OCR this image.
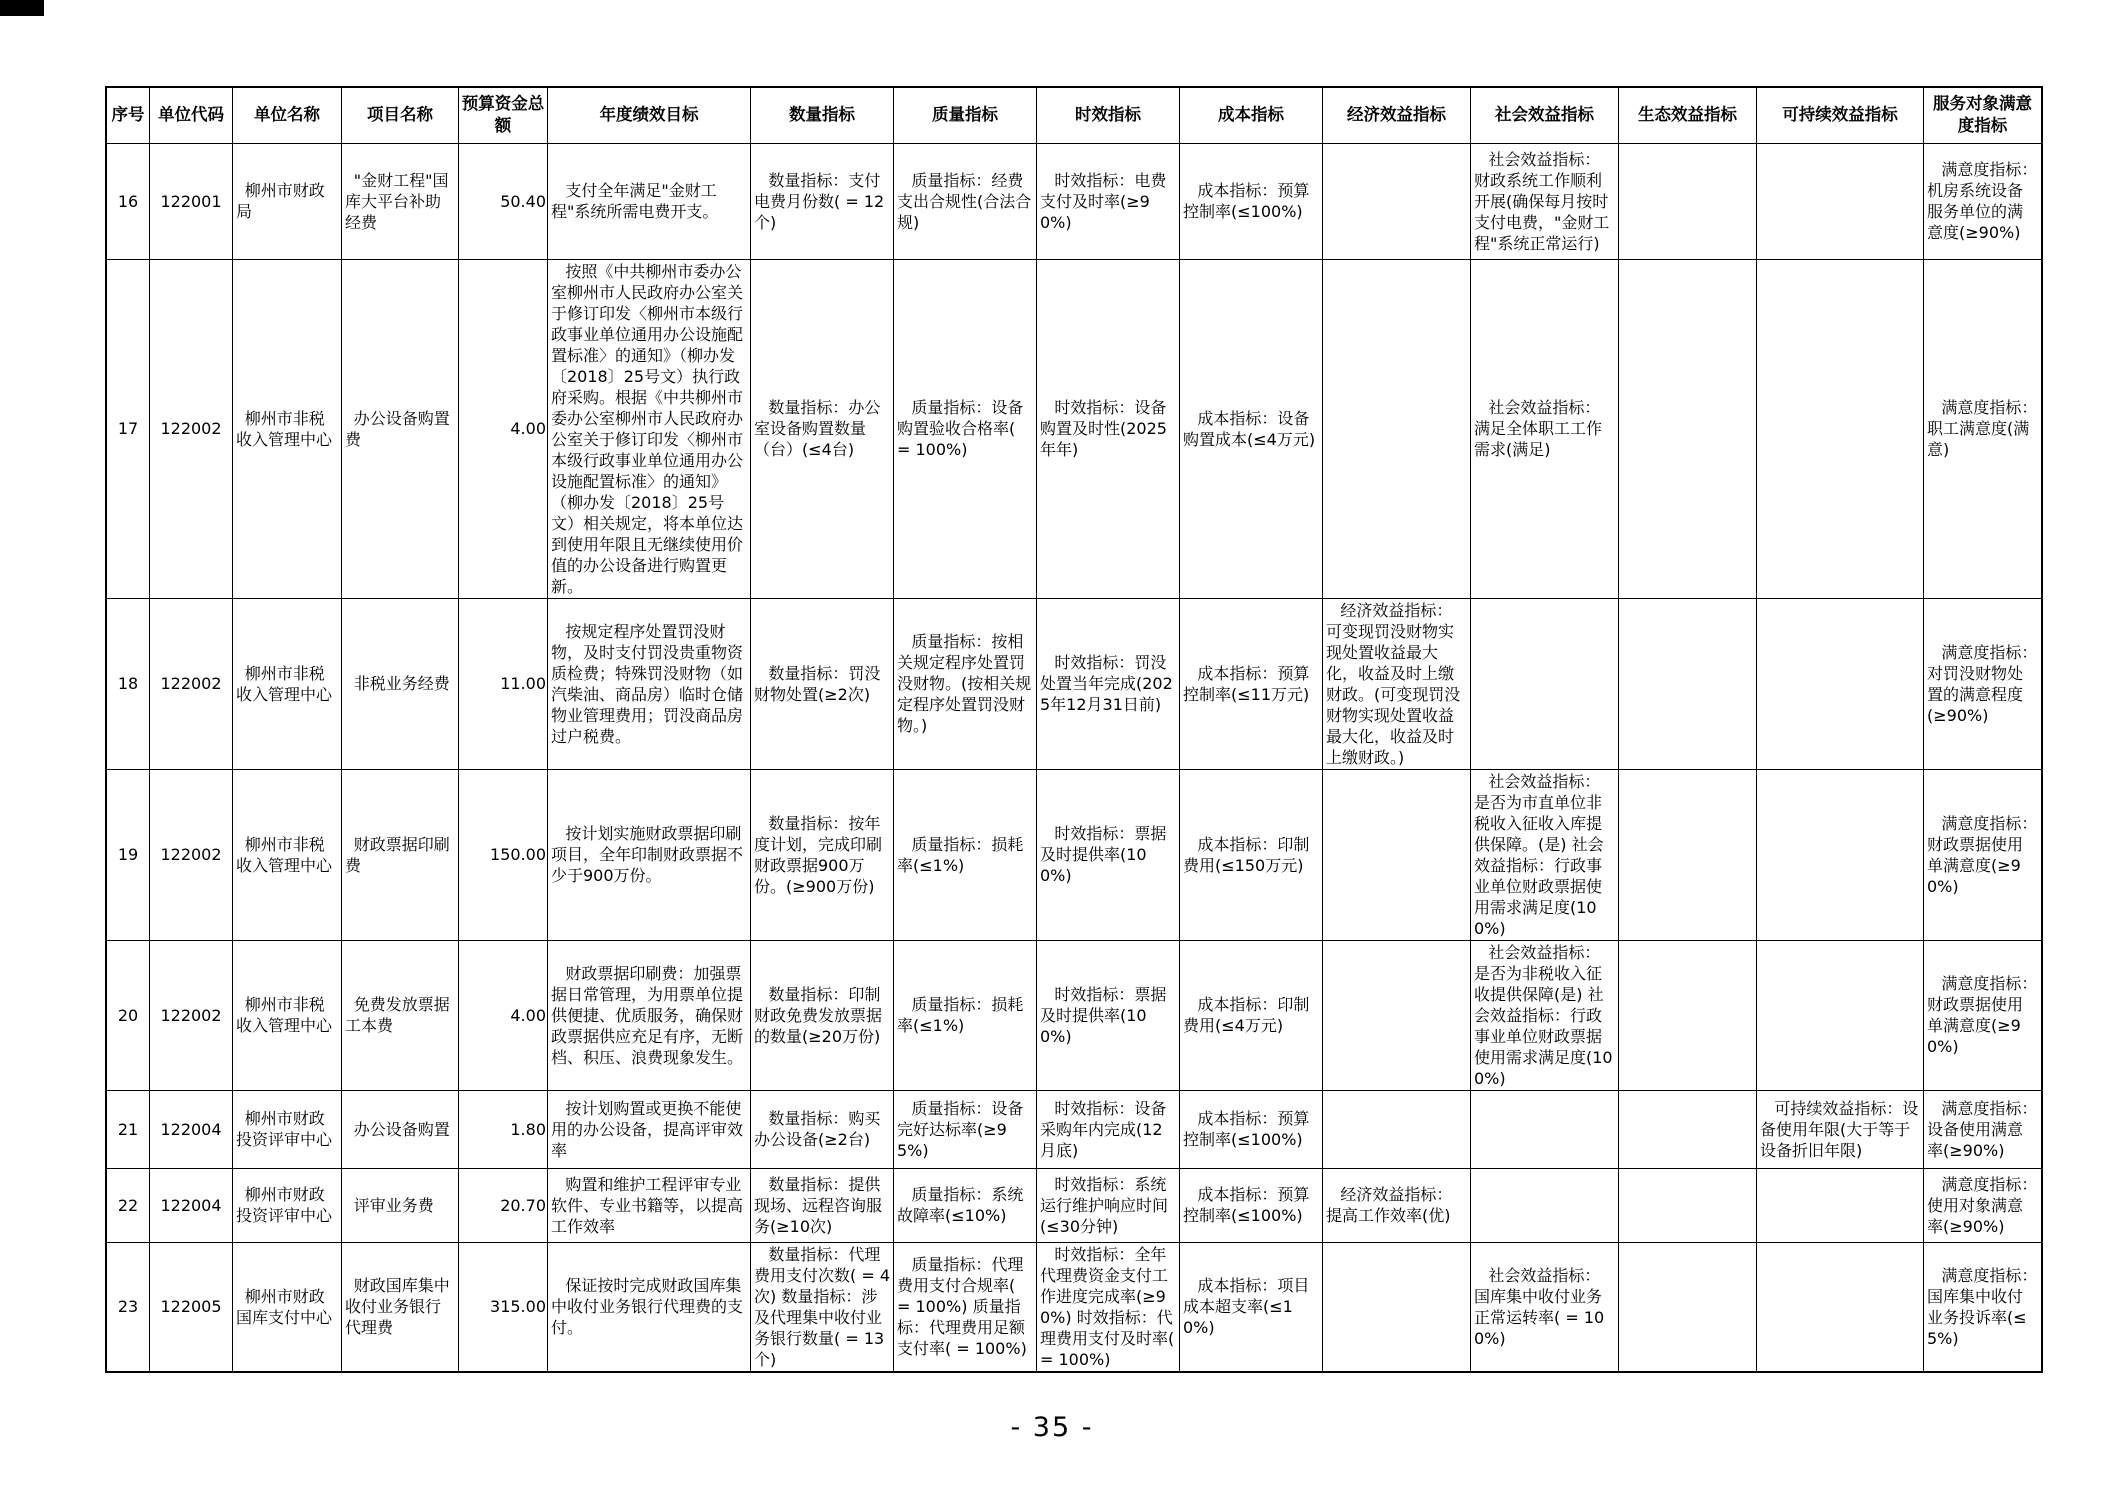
序号	单位代码	单位名称	项目名称	预算资金总额	年度绩效目标	数量指标	质量指标	时效指标	成本指标	经济效益指标	社会效益指标	生态效益指标	可持续效益指标	服务对象满意度指标
16	122001	柳州市财政局	"金财工程"国库大平台补助经费	50.40	支付全年满足"金财工程"系统所需电费开支。	数量指标：支付电费月份数( = 12个)	质量指标：经费支出合规性(合法合规)	时效指标：电费支付及时率(≥90%)	成本指标：预算控制率(≤100%)		社会效益指标：财政系统工作顺利开展(确保每月按时支付电费，"金财工程"系统正常运行)			满意度指标：机房系统设备服务单位的满意度(≥90%)
17	122002	柳州市非税收入管理中心	办公设备购置费	4.00	按照《中共柳州市委办公室柳州市人民政府办公室关于修订印发〈柳州市本级行政事业单位通用办公设施配置标准〉的通知》（柳办发〔2018〕25号文）执行政府采购。根据《中共柳州市委办公室柳州市人民政府办公室关于修订印发〈柳州市本级行政事业单位通用办公设施配置标准〉的通知》（柳办发〔2018〕25号文）相关规定，将本单位达到使用年限且无继续使用价值的办公设备进行购置更新。	数量指标：办公室设备购置数量（台）(≤4台)	质量指标：设备购置验收合格率( = 100%)	时效指标：设备购置及时性(2025年年)	成本指标：设备购置成本(≤4万元)		社会效益指标：满足全体职工工作需求(满足)			满意度指标：职工满意度(满意)
18	122002	柳州市非税收入管理中心	非税业务经费	11.00	按规定程序处置罚没财物，及时支付罚没贵重物资质检费；特殊罚没财物（如汽柴油、商品房）临时仓储物业管理费用；罚没商品房过户税费。	数量指标：罚没财物处置(≥2次)	质量指标：按相关规定程序处置罚没财物。(按相关规定程序处置罚没财物。)	时效指标：罚没处置当年完成(2025年12月31日前)	成本指标：预算控制率(≤11万元)	经济效益指标：可变现罚没财物实现处置收益最大化，收益及时上缴财政。(可变现罚没财物实现处置收益最大化，收益及时上缴财政。)				满意度指标：对罚没财物处置的满意程度(≥90%)
19	122002	柳州市非税收入管理中心	财政票据印刷费	150.00	按计划实施财政票据印刷项目，全年印制财政票据不少于900万份。	数量指标：按年度计划，完成印刷财政票据900万份。(≥900万份)	质量指标：损耗率(≤1%)	时效指标：票据及时提供率(100%)	成本指标：印制费用(≤150万元)		社会效益指标：是否为市直单位非税收入征收入库提供保障。(是) 社会效益指标：行政事业单位财政票据使用需求满足度(100%)			满意度指标：财政票据使用单满意度(≥90%)
20	122002	柳州市非税收入管理中心	免费发放票据工本费	4.00	财政票据印刷费：加强票据日常管理，为用票单位提供便捷、优质服务，确保财政票据供应充足有序，无断档、积压、浪费现象发生。	数量指标：印制财政免费发放票据的数量(≥20万份)	质量指标：损耗率(≤1%)	时效指标：票据及时提供率(100%)	成本指标：印制费用(≤4万元)		社会效益指标：是否为非税收入征收提供保障(是) 社会效益指标：行政事业单位财政票据使用需求满足度(100%)			满意度指标：财政票据使用单满意度(≥90%)
21	122004	柳州市财政投资评审中心	办公设备购置	1.80	按计划购置或更换不能使用的办公设备，提高评审效率	数量指标：购买办公设备(≥2台)	质量指标：设备完好达标率(≥95%)	时效指标：设备采购年内完成(12月底)	成本指标：预算控制率(≤100%)				可持续效益指标：设备使用年限(大于等于设备折旧年限)	满意度指标：设备使用满意率(≥90%)
22	122004	柳州市财政投资评审中心	评审业务费	20.70	购置和维护工程评审专业软件、专业书籍等，以提高工作效率	数量指标：提供现场、远程咨询服务(≥10次)	质量指标：系统故障率(≤10%)	时效指标：系统运行维护响应时间(≤30分钟)	成本指标：预算控制率(≤100%)	经济效益指标：提高工作效率(优)				满意度指标：使用对象满意率(≥90%)
23	122005	柳州市财政国库支付中心	财政国库集中收付业务银行代理费	315.00	保证按时完成财政国库集中收付业务银行代理费的支付。	数量指标：代理费用支付次数( = 4次) 数量指标：涉及代理集中收付业务银行数量( = 13个)	质量指标：代理费用支付合规率( = 100%) 质量指标：代理费用足额支付率( = 100%)	时效指标：全年代理费资金支付工作进度完成率(≥90%) 时效指标：代理费用支付及时率( = 100%)	成本指标：项目成本超支率(≤10%)		社会效益指标：国库集中收付业务正常运转率( = 100%)			满意度指标：国库集中收付业务投诉率(≤5%)
- 35 -
